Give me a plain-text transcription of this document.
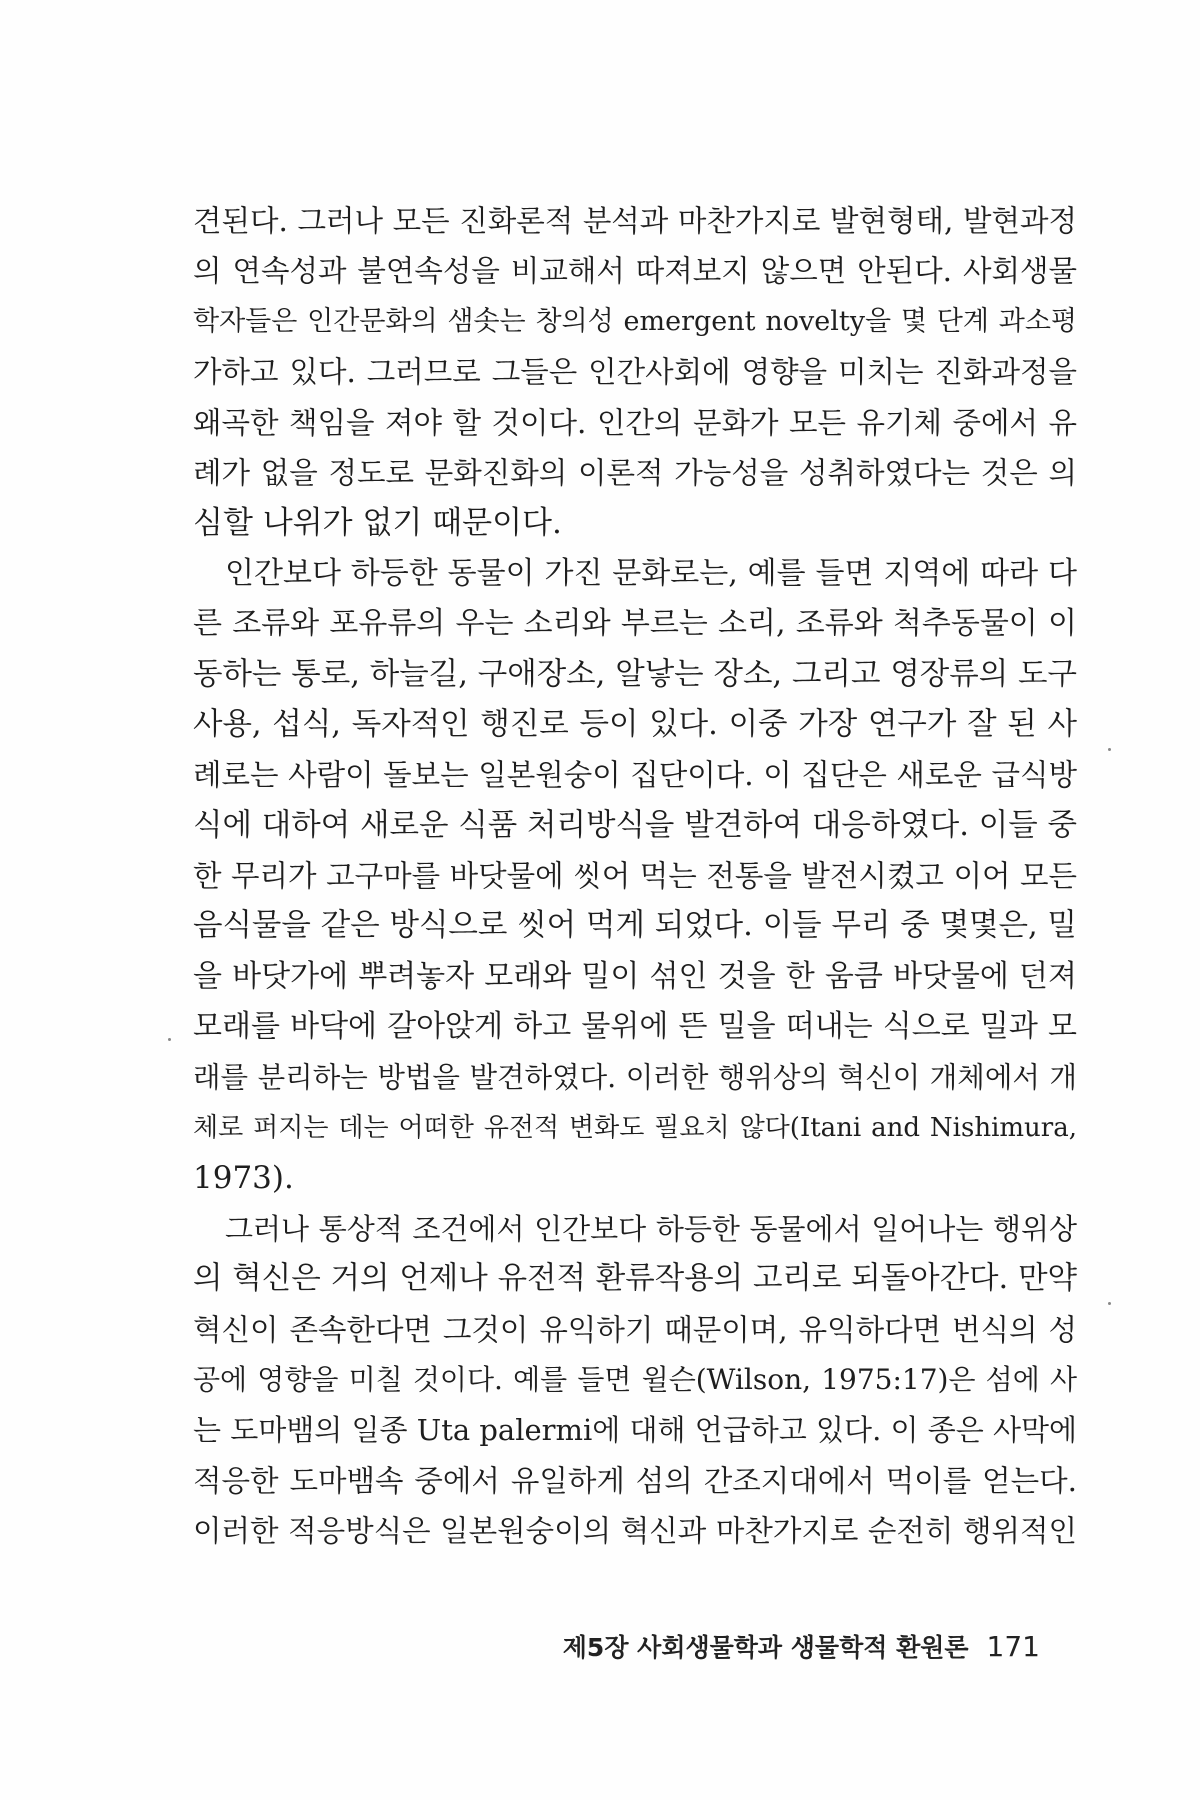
견된다. 그러나 모든 진화론적 분석과 마찬가지로 발현형태, 발현과정
의 연속성과 불연속성을 비교해서 따져보지 않으면 안된다. 사회생물
학자들은 인간문화의 샘솟는 창의성 emergent novelty을 몇 단계 과소평
가하고 있다. 그러므로 그들은 인간사회에 영향을 미치는 진화과정을
왜곡한 책임을 져야 할 것이다. 인간의 문화가 모든 유기체 중에서 유
례가 없을 정도로 문화진화의 이론적 가능성을 성취하였다는 것은 의
심할 나위가 없기 때문이다.
인간보다 하등한 동물이 가진 문화로는, 예를 들면 지역에 따라 다
른 조류와 포유류의 우는 소리와 부르는 소리, 조류와 척추동물이 이
동하는 통로, 하늘길, 구애장소, 알낳는 장소, 그리고 영장류의 도구
사용, 섭식, 독자적인 행진로 등이 있다. 이중 가장 연구가 잘 된 사
례로는 사람이 돌보는 일본원숭이 집단이다. 이 집단은 새로운 급식방
식에 대하여 새로운 식품 처리방식을 발견하여 대응하였다. 이들 중
한 무리가 고구마를 바닷물에 씻어 먹는 전통을 발전시켰고 이어 모든
음식물을 같은 방식으로 씻어 먹게 되었다. 이들 무리 중 몇몇은, 밀
을 바닷가에 뿌려놓자 모래와 밀이 섞인 것을 한 움큼 바닷물에 던져
모래를 바닥에 갈아앉게 하고 물위에 뜬 밀을 떠내는 식으로 밀과 모
래를 분리하는 방법을 발견하였다. 이러한 행위상의 혁신이 개체에서 개
체로 퍼지는 데는 어떠한 유전적 변화도 필요치 않다(Itani and Nishimura,
1973).
그러나 통상적 조건에서 인간보다 하등한 동물에서 일어나는 행위상
의 혁신은 거의 언제나 유전적 환류작용의 고리로 되돌아간다. 만약
혁신이 존속한다면 그것이 유익하기 때문이며, 유익하다면 번식의 성
공에 영향을 미칠 것이다. 예를 들면 윌슨(Wilson, 1975:17)은 섬에 사
는 도마뱀의 일종 Uta palermi에 대해 언급하고 있다. 이 종은 사막에
적응한 도마뱀속 중에서 유일하게 섬의 간조지대에서 먹이를 얻는다.
이러한 적응방식은 일본원숭이의 혁신과 마찬가지로 순전히 행위적인
제5장 사회생물학과 생물학적 환원론 171
